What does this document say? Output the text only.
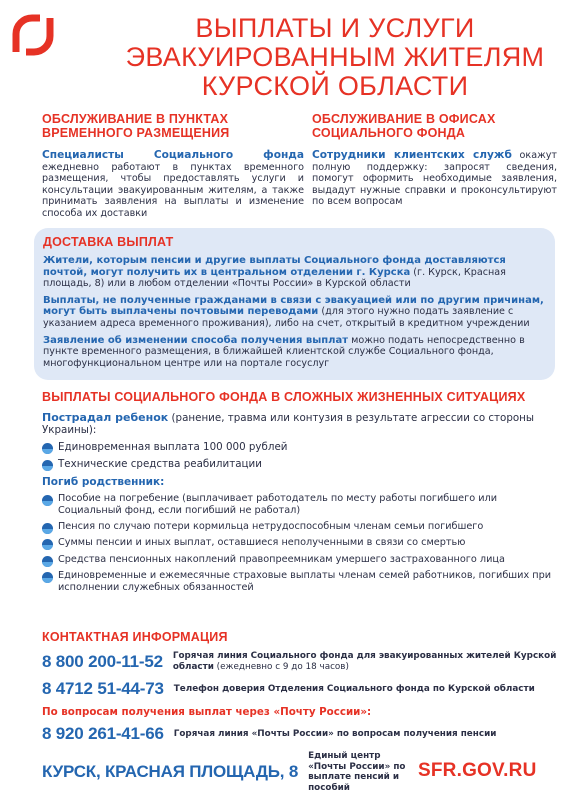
ВЫПЛАТЫ И УСЛУГИ
ЭВАКУИРОВАННЫМ ЖИТЕЛЯМ
КУРСКОЙ ОБЛАСТИ
ОБСЛУЖИВАНИЕ В ПУНКТАХ
ВРЕМЕННОГО РАЗМЕЩЕНИЯ
Специалисты Социального фонда ежедневно работают в пунктах временного размещения, чтобы предоставлять услуги и консультации эвакуированным жителям, а также принимать заявления на выплаты и изменение способа их доставки
ОБСЛУЖИВАНИЕ В ОФИСАХ
СОЦИАЛЬНОГО ФОНДА
Сотрудники клиентских служб окажут полную поддержку: запросят сведения, помогут оформить необходимые заявления, выдадут нужные справки и проконсультируют по всем вопросам
ДОСТАВКА ВЫПЛАТ
Жители, которым пенсии и другие выплаты Социального фонда доставляются почтой, могут получить их в центральном отделении г. Курска (г. Курск, Красная площадь, 8) или в любом отделении «Почты России» в Курской области
Выплаты, не полученные гражданами в связи с эвакуацией или по другим причинам, могут быть выплачены почтовыми переводами (для этого нужно подать заявление с указанием адреса временного проживания), либо на счет, открытый в кредитном учреждении
Заявление об изменении способа получения выплат можно подать непосредственно в пункте временного размещения, в ближайшей клиентской службе Социального фонда, многофункциональном центре или на портале госуслуг
ВЫПЛАТЫ СОЦИАЛЬНОГО ФОНДА В СЛОЖНЫХ ЖИЗНЕННЫХ СИТУАЦИЯХ
Пострадал ребенок (ранение, травма или контузия в результате агрессии со стороны Украины):
Единовременная выплата 100 000 рублей
Технические средства реабилитации
Погиб родственник:
Пособие на погребение (выплачивает работодатель по месту работы погибшего или Социальный фонд, если погибший не работал)
Пенсия по случаю потери кормильца нетрудоспособным членам семьи погибшего
Суммы пенсии и иных выплат, оставшиеся неполученными в связи со смертью
Средства пенсионных накоплений правопреемникам умершего застрахованного лица
Единовременные и ежемесячные страховые выплаты членам семей работников, погибших при исполнении служебных обязанностей
КОНТАКТНАЯ ИНФОРМАЦИЯ
8 800 200-11-52 Горячая линия Социального фонда для эвакуированных жителей Курской области (ежедневно с 9 до 18 часов)
8 4712 51-44-73 Телефон доверия Отделения Социального фонда по Курской области
По вопросам получения выплат через «Почту России»:
8 920 261-41-66 Горячая линия «Почты России» по вопросам получения пенсии
КУРСК, КРАСНАЯ ПЛОЩАДЬ, 8
Единый центр «Почты России» по выплате пенсий и пособий
SFR.GOV.RU
